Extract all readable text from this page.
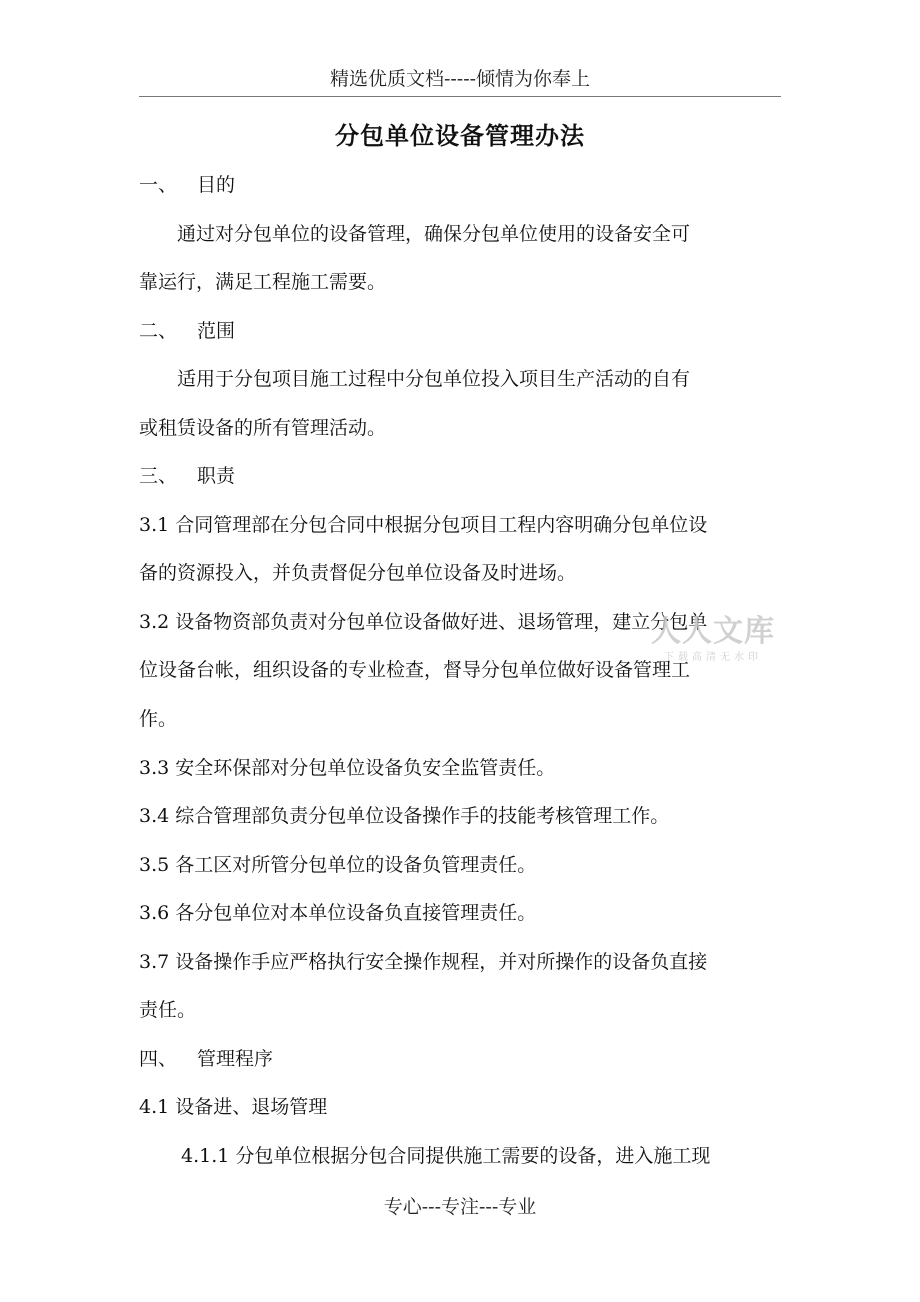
精选优质文档-----倾情为你奉上
分包单位设备管理办法
一、 目的
通过对分包单位的设备管理，确保分包单位使用的设备安全可
靠运行，满足工程施工需要。
二、 范围
适用于分包项目施工过程中分包单位投入项目生产活动的自有
或租赁设备的所有管理活动。
三、 职责
3.1 合同管理部在分包合同中根据分包项目工程内容明确分包单位设
备的资源投入，并负责督促分包单位设备及时进场。
3.2 设备物资部负责对分包单位设备做好进、退场管理，建立分包单
位设备台帐，组织设备的专业检查，督导分包单位做好设备管理工
作。
3.3 安全环保部对分包单位设备负安全监管责任。
3.4 综合管理部负责分包单位设备操作手的技能考核管理工作。
3.5 各工区对所管分包单位的设备负管理责任。
3.6 各分包单位对本单位设备负直接管理责任。
3.7 设备操作手应严格执行安全操作规程，并对所操作的设备负直接
责任。
四、 管理程序
4.1 设备进、退场管理
4.1.1 分包单位根据分包合同提供施工需要的设备，进入施工现
人人文库
下载高清无水印
专心---专注---专业
